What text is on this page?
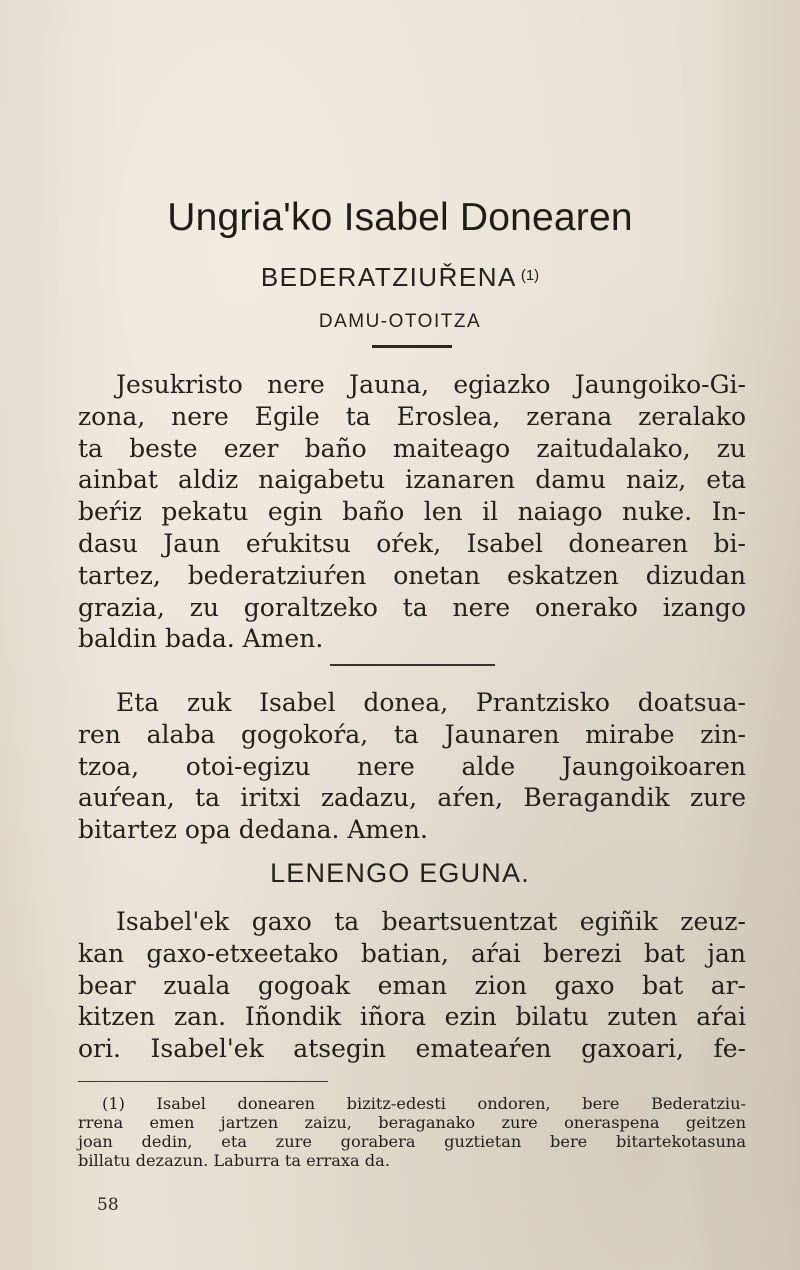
Ungria'ko Isabel Donearen
BEDERATZIUŘENA $^{(1)}$
DAMU-OTOITZA
Jesukristo nere Jauna, egiazko Jaungoiko-Gi-
zona, nere Egile ta Eroslea, zerana zeralako
ta beste ezer baño maiteago zaitudalako, zu
ainbat aldiz naigabetu izanaren damu naiz, eta
beŕiz pekatu egin baño len il naiago nuke. In-
dasu Jaun eŕukitsu oŕek, Isabel donearen bi-
tartez, bederatziuŕen onetan eskatzen dizudan
grazia, zu goraltzeko ta nere onerako izango
baldin bada. Amen.
Eta zuk Isabel donea, Prantzisko doatsua-
ren alaba gogokoŕa, ta Jaunaren mirabe zin-
tzoa, otoi-egizu nere alde Jaungoikoaren
auŕean, ta iritxi zadazu, aŕen, Beragandik zure
bitartez opa dedana. Amen.
LENENGO EGUNA.
Isabel'ek gaxo ta beartsuentzat egiñik zeuz-
kan gaxo-etxeetako batian, aŕai berezi bat jan
bear zuala gogoak eman zion gaxo bat ar-
kitzen zan. Iñondik iñora ezin bilatu zuten aŕai
ori. Isabel'ek atsegin emateaŕen gaxoari, fe-
(1) Isabel donearen bizitz-edesti ondoren, bere Bederatziu-
rrena emen jartzen zaizu, beraganako zure oneraspena geitzen
joan dedin, eta zure gorabera guztietan bere bitartekotasuna
billatu dezazun. Laburra ta erraxa da.
58
